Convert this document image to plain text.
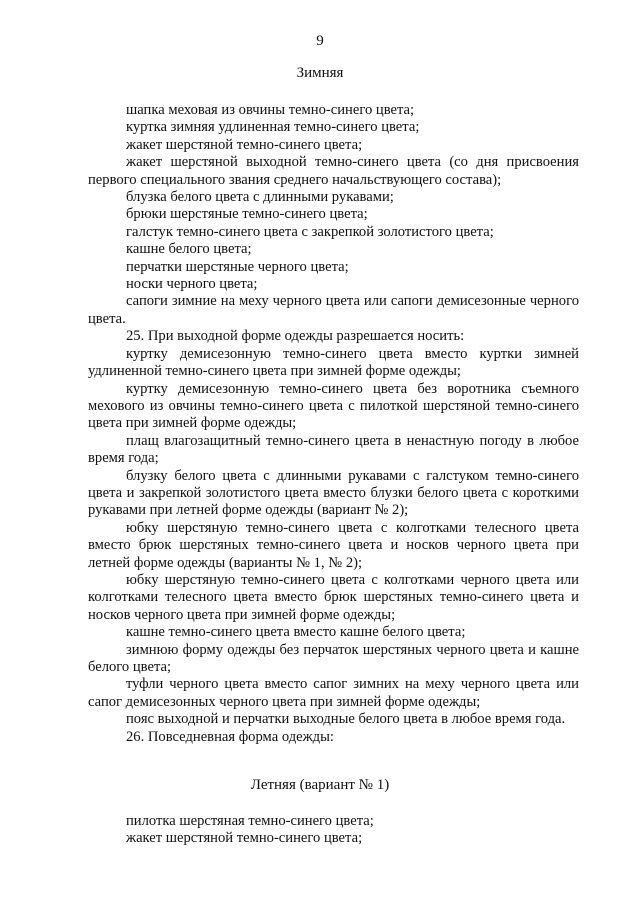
9
Зимняя

шапка меховая из овчины темно-синего цвета;

куртка зимняя удлиненная темно-синего цвета;

жакет шерстяной темно-синего цвета;

жакет шерстяной выходной темно-синего цвета (со дня присвоения первого специального звания среднего начальствующего состава);

блузка белого цвета с длинными рукавами;

брюки шерстяные темно-синего цвета;

галстук темно-синего цвета с закрепкой золотистого цвета;

кашне белого цвета;

перчатки шерстяные черного цвета;

носки черного цвета;

сапоги зимние на меху черного цвета или сапоги демисезонные черного цвета.

25. При выходной форме одежды разрешается носить:

куртку демисезонную темно-синего цвета вместо куртки зимней удлиненной темно-синего цвета при зимней форме одежды;

куртку демисезонную темно-синего цвета без воротника съемного мехового из овчины темно-синего цвета с пилоткой шерстяной темно-синего цвета при зимней форме одежды;

плащ влагозащитный темно-синего цвета в ненастную погоду в любое время года;

блузку белого цвета с длинными рукавами с галстуком темно-синего цвета и закрепкой золотистого цвета вместо блузки белого цвета с короткими рукавами при летней форме одежды (вариант № 2);

юбку шерстяную темно-синего цвета с колготками телесного цвета вместо брюк шерстяных темно-синего цвета и носков черного цвета при летней форме одежды (варианты № 1, № 2);

юбку шерстяную темно-синего цвета с колготками черного цвета или колготками телесного цвета вместо брюк шерстяных темно-синего цвета и носков черного цвета при зимней форме одежды;

кашне темно-синего цвета вместо кашне белого цвета;

зимнюю форму одежды без перчаток шерстяных черного цвета и кашне белого цвета;

туфли черного цвета вместо сапог зимних на меху черного цвета или сапог демисезонных черного цвета при зимней форме одежды;

пояс выходной и перчатки выходные белого цвета в любое время года.

26. Повседневная форма одежды:

Летняя (вариант № 1)

пилотка шерстяная темно-синего цвета;

жакет шерстяной темно-синего цвета;
